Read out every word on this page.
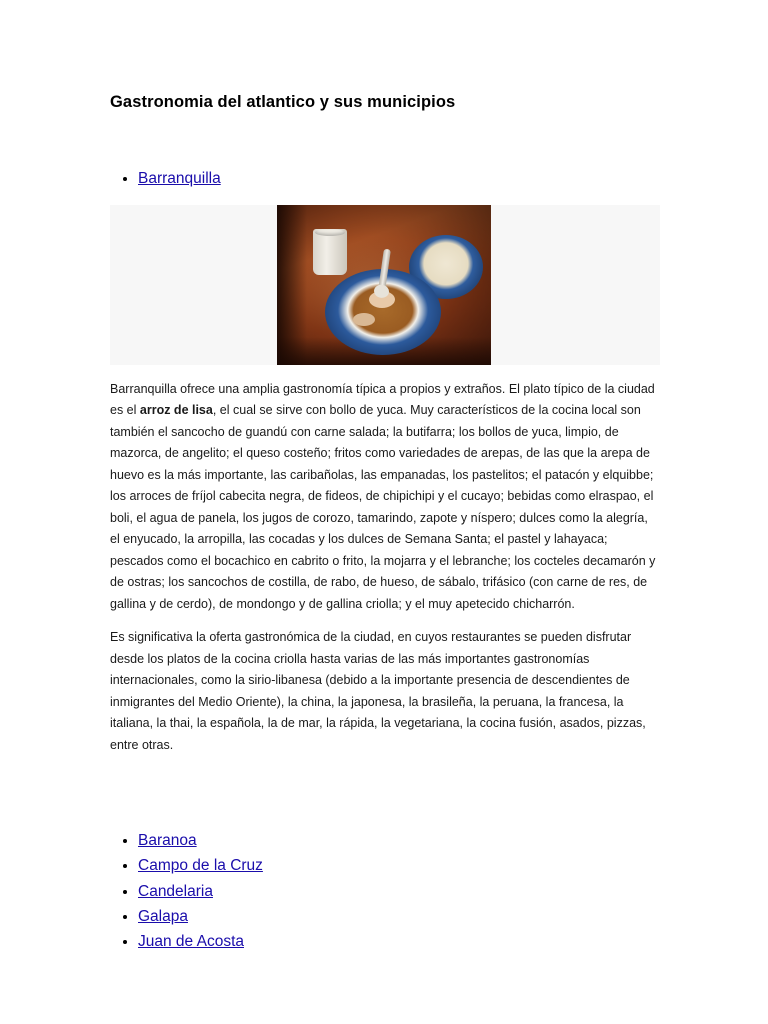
Gastronomia del atlantico y sus municipios
• Barranquilla

Barranquilla ofrece una amplia gastronomía típica a propios y extraños. El plato típico de la ciudad es el arroz de lisa, el cual se sirve con bollo de yuca. Muy característicos de la cocina local son también el sancocho de guandú con carne salada; la butifarra; los bollos de yuca, limpio, de mazorca, de angelito; el queso costeño; fritos como variedades de arepas, de las que la arepa de huevo es la más importante, las caribañolas, las empanadas, los pastelitos; el patacón y elquibbe; los arroces de fríjol cabecita negra, de fideos, de chipichipi y el cucayo; bebidas como elraspao, el boli, el agua de panela, los jugos de corozo, tamarindo, zapote y níspero; dulces como la alegría, el enyucado, la arropilla, las cocadas y los dulces de Semana Santa; el pastel y lahayaca; pescados como el bocachico en cabrito o frito, la mojarra y el lebranche; los cocteles decamarón y de ostras; los sancochos de costilla, de rabo, de hueso, de sábalo, trifásico (con carne de res, de gallina y de cerdo), de mondongo y de gallina criolla; y el muy apetecido chicharrón.

Es significativa la oferta gastronómica de la ciudad, en cuyos restaurantes se pueden disfrutar desde los platos de la cocina criolla hasta varias de las más importantes gastronomías internacionales, como la sirio-libanesa (debido a la importante presencia de descendientes de inmigrantes del Medio Oriente), la china, la japonesa, la brasileña, la peruana, la francesa, la italiana, la thai, la española, la de mar, la rápida, la vegetariana, la cocina fusión, asados, pizzas, entre otras.

• Baranoa
• Campo de la Cruz
• Candelaria
• Galapa
• Juan de Acosta
